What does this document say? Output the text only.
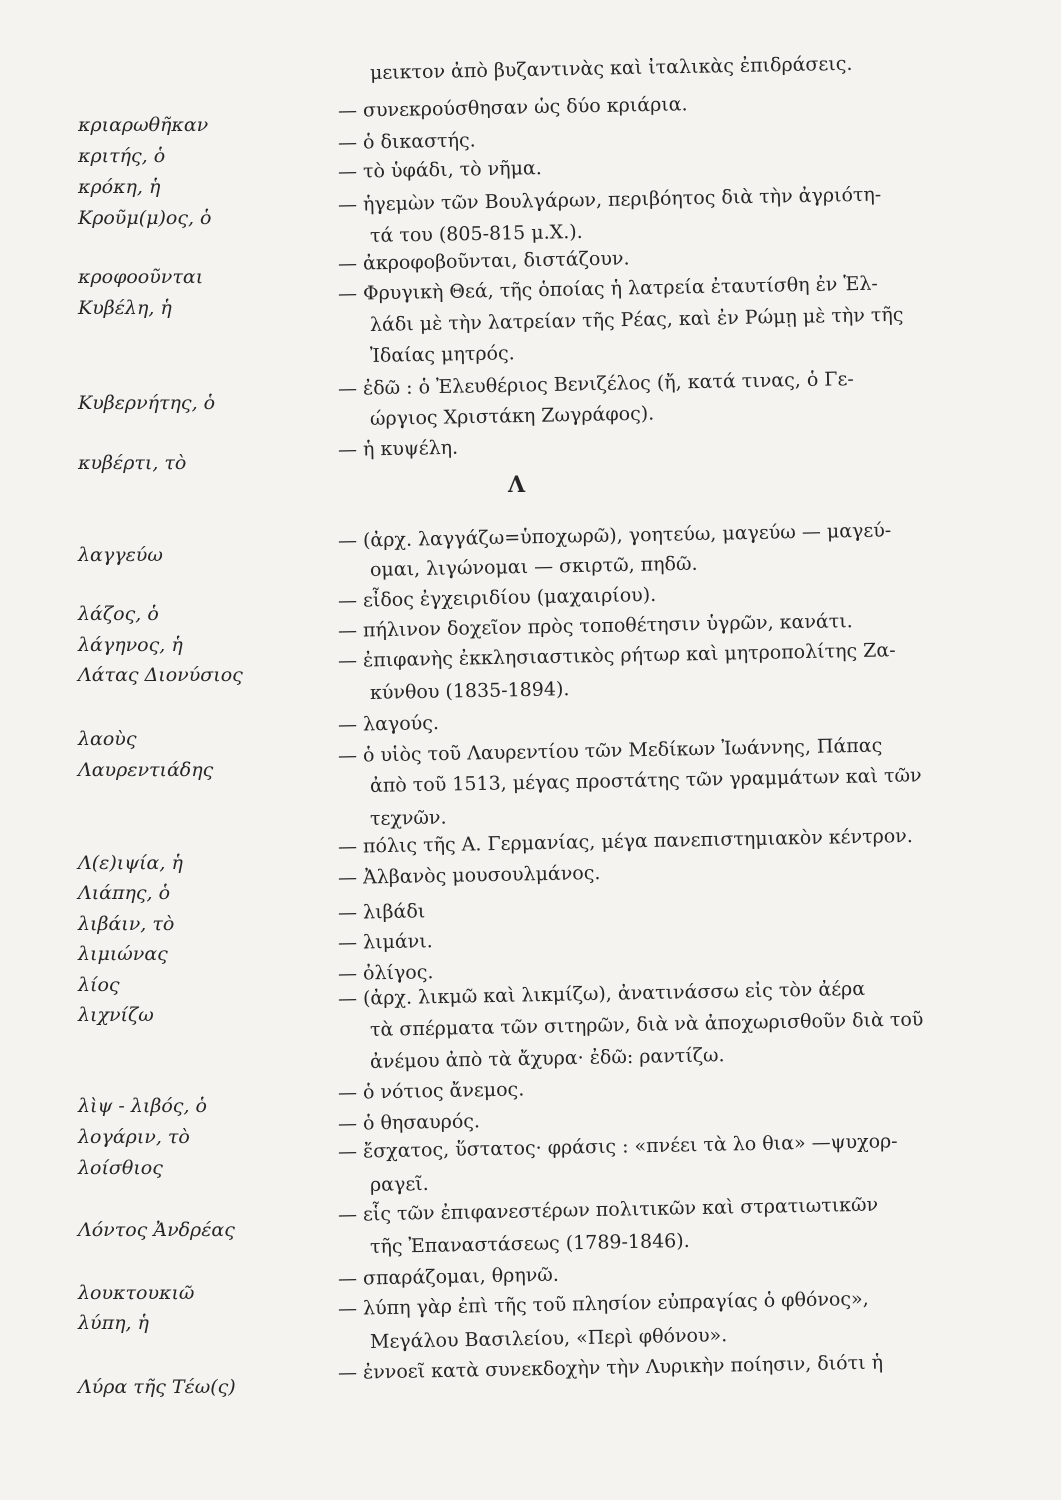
μεικτον ἀπὸ βυζαντινὰς καὶ ἰταλικὰς ἐπιδράσεις.
κριαρωθῆκαν
— συνεκρούσθησαν ὡς δύο κριάρια.
κριτής, ὁ
— ὁ δικαστής.
κρόκη, ἡ
— τὸ ὑφάδι, τὸ νῆμα.
Κροῦμ(μ)ος, ὁ
— ἡγεμὼν τῶν Βουλγάρων, περιβόητος διὰ τὴν ἀγριότη-
τά του (805-815 μ.Χ.).
κροφοοῦνται
— ἀκροφοβοῦνται, διστάζουν.
Κυβέλη, ἡ
— Φρυγικὴ Θεά, τῆς ὁποίας ἡ λατρεία ἐταυτίσθη ἐν Ἑλ-
λάδι μὲ τὴν λατρείαν τῆς Ρέας, καὶ ἐν Ρώμῃ μὲ τὴν τῆς
Ἰδαίας μητρός.
Κυβερνήτης, ὁ
— ἐδῶ : ὁ Ἐλευθέριος Βενιζέλος (ἤ, κατά τινας, ὁ Γε-
ώργιος Χριστάκη Ζωγράφος).
κυβέρτι, τὸ
— ἡ κυψέλη.
Λ
λαγγεύω
— (ἀρχ. λαγγάζω=ὑποχωρῶ), γοητεύω, μαγεύω — μαγεύ-
ομαι, λιγώνομαι — σκιρτῶ, πηδῶ.
λάζος, ὁ
— εἶδος ἐγχειριδίου (μαχαιρίου).
λάγηνος, ἡ
— πήλινον δοχεῖον πρὸς τοποθέτησιν ὑγρῶν, κανάτι.
Λάτας Διονύσιος
— ἐπιφανὴς ἐκκλησιαστικὸς ρήτωρ καὶ μητροπολίτης Ζα-
κύνθου (1835-1894).
λαοὺς
— λαγούς.
Λαυρεντιάδης
— ὁ υἱὸς τοῦ Λαυρεντίου τῶν Μεδίκων Ἰωάννης, Πάπας
ἀπὸ τοῦ 1513, μέγας προστάτης τῶν γραμμάτων καὶ τῶν
τεχνῶν.
Λ(ε)ιψία, ἡ
— πόλις τῆς Α. Γερμανίας, μέγα πανεπιστημιακὸν κέντρον.
Λιάπης, ὁ
— Ἀλβανὸς μουσουλμάνος.
λιβάιν, τὸ
— λιβάδι
λιμιώνας
— λιμάνι.
λίος
— ὀλίγος.
λιχνίζω
— (ἀρχ. λικμῶ καὶ λικμίζω), ἀνατινάσσω εἰς τὸν ἀέρα
τὰ σπέρματα τῶν σιτηρῶν, διὰ νὰ ἀποχωρισθοῦν διὰ τοῦ
ἀνέμου ἀπὸ τὰ ἄχυρα· ἐδῶ: ραντίζω.
λὶψ - λιβός, ὁ
— ὁ νότιος ἄνεμος.
λογάριν, τὸ
— ὁ θησαυρός.
λοίσθιος
— ἔσχατος, ὕστατος· φράσις : «πνέει τὰ λο θια» —ψυχορ-
ραγεῖ.
Λόντος Ἀνδρέας
— εἷς τῶν ἐπιφανεστέρων πολιτικῶν καὶ στρατιωτικῶν
τῆς Ἐπαναστάσεως (1789-1846).
λουκτουκιῶ
— σπαράζομαι, θρηνῶ.
λύπη, ἡ
— λύπη γὰρ ἐπὶ τῆς τοῦ πλησίον εὐπραγίας ὁ φθόνος»,
Μεγάλου Βασιλείου, «Περὶ φθόνου».
Λύρα τῆς Τέω(ς)
— ἐννοεῖ κατὰ συνεκδοχὴν τὴν Λυρικὴν ποίησιν, διότι ἡ
